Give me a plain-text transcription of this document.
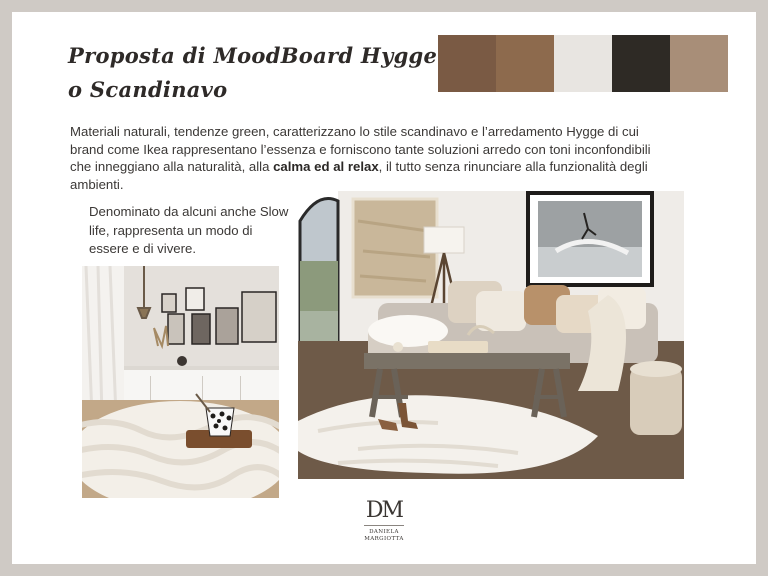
Proposta di MoodBoard Hygge
o Scandinavo
Materiali naturali, tendenze green, caratterizzano lo stile scandinavo e l’arredamento Hygge di cui brand come Ikea rappresentano l’essenza e forniscono tante soluzioni arredo con toni inconfondibili che inneggiano alla naturalità, alla calma ed al relax, il tutto senza rinunciare alla funzionalità degli ambienti.
Denominato da alcuni anche Slow life, rappresenta un modo di essere e di vivere.
DM
DANIELA
MARGIOTTA
